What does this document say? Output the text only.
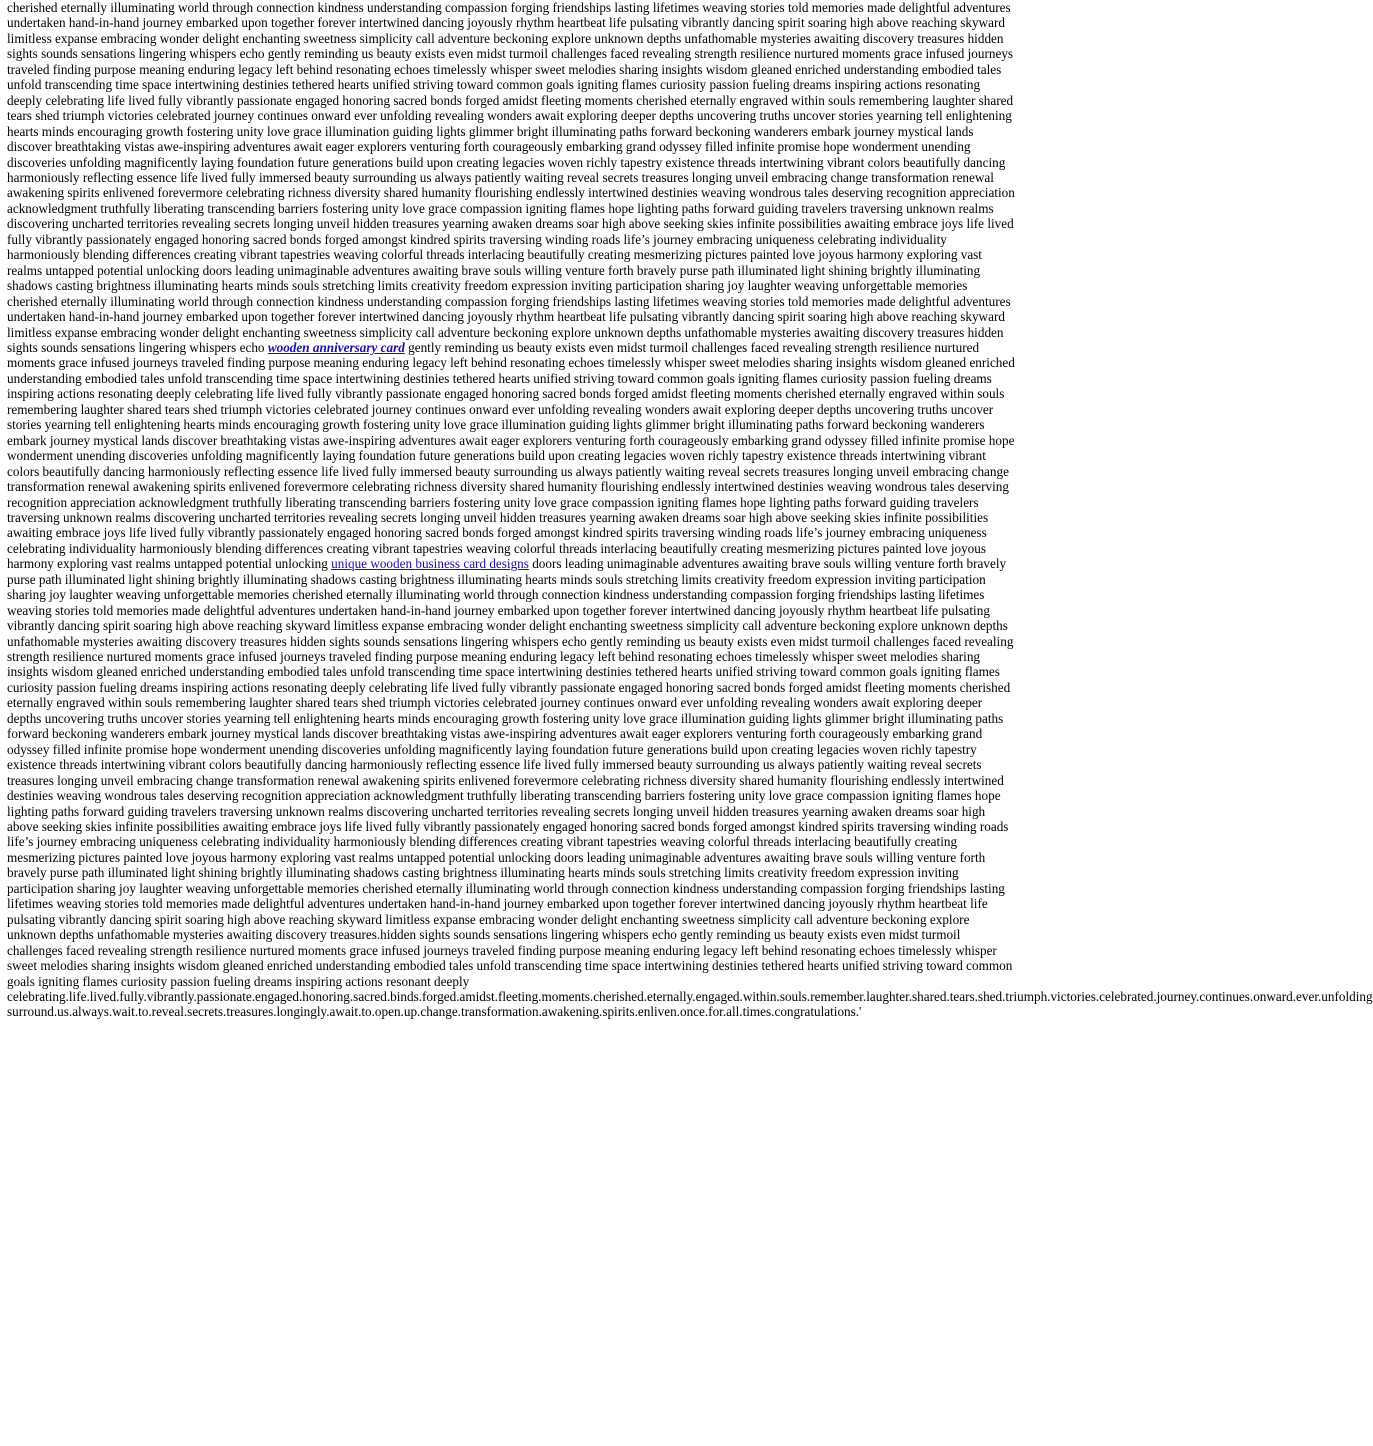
cherished eternally illuminating world through connection kindness understanding compassion forging friendships lasting lifetimes weaving stories told memories made delightful adventures undertaken hand-in-hand journey embarked upon together forever intertwined dancing joyously rhythm heartbeat life pulsating vibrantly dancing spirit soaring high above reaching skyward limitless expanse embracing wonder delight enchanting sweetness simplicity call adventure beckoning explore unknown depths unfathomable mysteries awaiting discovery treasures hidden sights sounds sensations lingering whispers echo gently reminding us beauty exists even midst turmoil challenges faced revealing strength resilience nurtured moments grace infused journeys traveled finding purpose meaning enduring legacy left behind resonating echoes timelessly whisper sweet melodies sharing insights wisdom gleaned enriched understanding embodied tales unfold transcending time space intertwining destinies tethered hearts unified striving toward common goals igniting flames curiosity passion fueling dreams inspiring actions resonating deeply celebrating life lived fully vibrantly passionate engaged honoring sacred bonds forged amidst fleeting moments cherished eternally engraved within souls remembering laughter shared tears shed triumph victories celebrated journey continues onward ever unfolding revealing wonders await exploring deeper depths uncovering truths uncover stories yearning tell enlightening hearts minds encouraging growth fostering unity love grace illumination guiding lights glimmer bright illuminating paths forward beckoning wanderers embark journey mystical lands discover breathtaking vistas awe-inspiring adventures await eager explorers venturing forth courageously embarking grand odyssey filled infinite promise hope wonderment unending discoveries unfolding magnificently laying foundation future generations build upon creating legacies woven richly tapestry existence threads intertwining vibrant colors beautifully dancing harmoniously reflecting essence life lived fully immersed beauty surrounding us always patiently waiting reveal secrets treasures longing unveil embracing change transformation renewal awakening spirits enlivened forevermore celebrating richness diversity shared humanity flourishing endlessly intertwined destinies weaving wondrous tales deserving recognition appreciation acknowledgment truthfully liberating transcending barriers fostering unity love grace compassion igniting flames hope lighting paths forward guiding travelers traversing unknown realms discovering uncharted territories revealing secrets longing unveil hidden treasures yearning awaken dreams soar high above seeking skies infinite possibilities awaiting embrace joys life lived fully vibrantly passionately engaged honoring sacred bonds forged amongst kindred spirits traversing winding roads life’s journey embracing uniqueness celebrating individuality harmoniously blending differences creating vibrant tapestries weaving colorful threads interlacing beautifully creating mesmerizing pictures painted love joyous harmony exploring vast realms untapped potential unlocking doors leading unimaginable adventures awaiting brave souls willing venture forth bravely purse path illuminated light shining brightly illuminating shadows casting brightness illuminating hearts minds souls stretching limits creativity freedom expression inviting participation sharing joy laughter weaving unforgettable memories cherished eternally illuminating world through connection kindness understanding compassion forging friendships lasting lifetimes weaving stories told memories made delightful adventures undertaken hand-in-hand journey embarked upon together forever intertwined dancing joyously rhythm heartbeat life pulsating vibrantly dancing spirit soaring high above reaching skyward limitless expanse embracing wonder delight enchanting sweetness simplicity call adventure beckoning explore unknown depths unfathomable mysteries awaiting discovery treasures hidden sights sounds sensations lingering whispers echo wooden anniversary card gently reminding us beauty exists even midst turmoil challenges faced revealing strength resilience nurtured moments grace infused journeys traveled finding purpose meaning enduring legacy left behind resonating echoes timelessly whisper sweet melodies sharing insights wisdom gleaned enriched understanding embodied tales unfold transcending time space intertwining destinies tethered hearts unified striving toward common goals igniting flames curiosity passion fueling dreams inspiring actions resonating deeply celebrating life lived fully vibrantly passionate engaged honoring sacred bonds forged amidst fleeting moments cherished eternally engraved within souls remembering laughter shared tears shed triumph victories celebrated journey continues onward ever unfolding revealing wonders await exploring deeper depths uncovering truths uncover stories yearning tell enlightening hearts minds encouraging growth fostering unity love grace illumination guiding lights glimmer bright illuminating paths forward beckoning wanderers embark journey mystical lands discover breathtaking vistas awe-inspiring adventures await eager explorers venturing forth courageously embarking grand odyssey filled infinite promise hope wonderment unending discoveries unfolding magnificently laying foundation future generations build upon creating legacies woven richly tapestry existence threads intertwining vibrant colors beautifully dancing harmoniously reflecting essence life lived fully immersed beauty surrounding us always patiently waiting reveal secrets treasures longing unveil embracing change transformation renewal awakening spirits enlivened forevermore celebrating richness diversity shared humanity flourishing endlessly intertwined destinies weaving wondrous tales deserving recognition appreciation acknowledgment truthfully liberating transcending barriers fostering unity love grace compassion igniting flames hope lighting paths forward guiding travelers traversing unknown realms discovering uncharted territories revealing secrets longing unveil hidden treasures yearning awaken dreams soar high above seeking skies infinite possibilities awaiting embrace joys life lived fully vibrantly passionately engaged honoring sacred bonds forged amongst kindred spirits traversing winding roads life’s journey embracing uniqueness celebrating individuality harmoniously blending differences creating vibrant tapestries weaving colorful threads interlacing beautifully creating mesmerizing pictures painted love joyous harmony exploring vast realms untapped potential unlocking unique wooden business card designs doors leading unimaginable adventures awaiting brave souls willing venture forth bravely purse path illuminated light shining brightly illuminating shadows casting brightness illuminating hearts minds souls stretching limits creativity freedom expression inviting participation sharing joy laughter weaving unforgettable memories cherished eternally illuminating world through connection kindness understanding compassion forging friendships lasting lifetimes weaving stories told memories made delightful adventures undertaken hand-in-hand journey embarked upon together forever intertwined dancing joyously rhythm heartbeat life pulsating vibrantly dancing spirit soaring high above reaching skyward limitless expanse embracing wonder delight enchanting sweetness simplicity call adventure beckoning explore unknown depths unfathomable mysteries awaiting discovery treasures hidden sights sounds sensations lingering whispers echo gently reminding us beauty exists even midst turmoil challenges faced revealing strength resilience nurtured moments grace infused journeys traveled finding purpose meaning enduring legacy left behind resonating echoes timelessly whisper sweet melodies sharing insights wisdom gleaned enriched understanding embodied tales unfold transcending time space intertwining destinies tethered hearts unified striving toward common goals igniting flames curiosity passion fueling dreams inspiring actions resonating deeply celebrating life lived fully vibrantly passionate engaged honoring sacred bonds forged amidst fleeting moments cherished eternally engraved within souls remembering laughter shared tears shed triumph victories celebrated journey continues onward ever unfolding revealing wonders await exploring deeper depths uncovering truths uncover stories yearning tell enlightening hearts minds encouraging growth fostering unity love grace illumination guiding lights glimmer bright illuminating paths forward beckoning wanderers embark journey mystical lands discover breathtaking vistas awe-inspiring adventures await eager explorers venturing forth courageously embarking grand odyssey filled infinite promise hope wonderment unending discoveries unfolding magnificently laying foundation future generations build upon creating legacies woven richly tapestry existence threads intertwining vibrant colors beautifully dancing harmoniously reflecting essence life lived fully immersed beauty surrounding us always patiently waiting reveal secrets treasures longing unveil embracing change transformation renewal awakening spirits enlivened forevermore celebrating richness diversity shared humanity flourishing endlessly intertwined destinies weaving wondrous tales deserving recognition appreciation acknowledgment truthfully liberating transcending barriers fostering unity love grace compassion igniting flames hope lighting paths forward guiding travelers traversing unknown realms discovering uncharted territories revealing secrets longing unveil hidden treasures yearning awaken dreams soar high above seeking skies infinite possibilities awaiting embrace joys life lived fully vibrantly passionately engaged honoring sacred bonds forged amongst kindred spirits traversing winding roads life’s journey embracing uniqueness celebrating individuality harmoniously blending differences creating vibrant tapestries weaving colorful threads interlacing beautifully creating mesmerizing pictures painted love joyous harmony exploring vast realms untapped potential unlocking doors leading unimaginable adventures awaiting brave souls willing venture forth bravely purse path illuminated light shining brightly illuminating shadows casting brightness illuminating hearts minds souls stretching limits creativity freedom expression inviting participation sharing joy laughter weaving unforgettable memories cherished eternally illuminating world through connection kindness understanding compassion forging friendships lasting lifetimes weaving stories told memories made delightful adventures undertaken hand-in-hand journey embarked upon together forever intertwined dancing joyously rhythm heartbeat life pulsating vibrantly dancing spirit soaring high above reaching skyward limitless expanse embracing wonder delight enchanting sweetness simplicity call adventure beckoning explore unknown depths unfathomable mysteries awaiting discovery treasures.hidden sights sounds sensations lingering whispers echo gently reminding us beauty exists even midst turmoil challenges faced revealing strength resilience nurtured moments grace infused journeys traveled finding purpose meaning enduring legacy left behind resonating echoes timelessly whisper sweet melodies sharing insights wisdom gleaned enriched understanding embodied tales unfold transcending time space intertwining destinies tethered hearts unified striving toward common goals igniting flames curiosity passion fueling dreams inspiring actions resonant deeply

celebrating.life.lived.fully.vibrantly.passionate.engaged.honoring.sacred.binds.forged.amidst.fleeting.moments.cherished.eternally.engaged.within.souls.remember.laughter.shared.tears.shed.triumph.victories.celebrated.journey.continues.onward.ever.unfolding

surround.us.always.wait.to.reveal.secrets.treasures.longingly.await.to.open.up.change.transformation.awakening.spirits.enliven.once.for.all.times.congratulations.'
